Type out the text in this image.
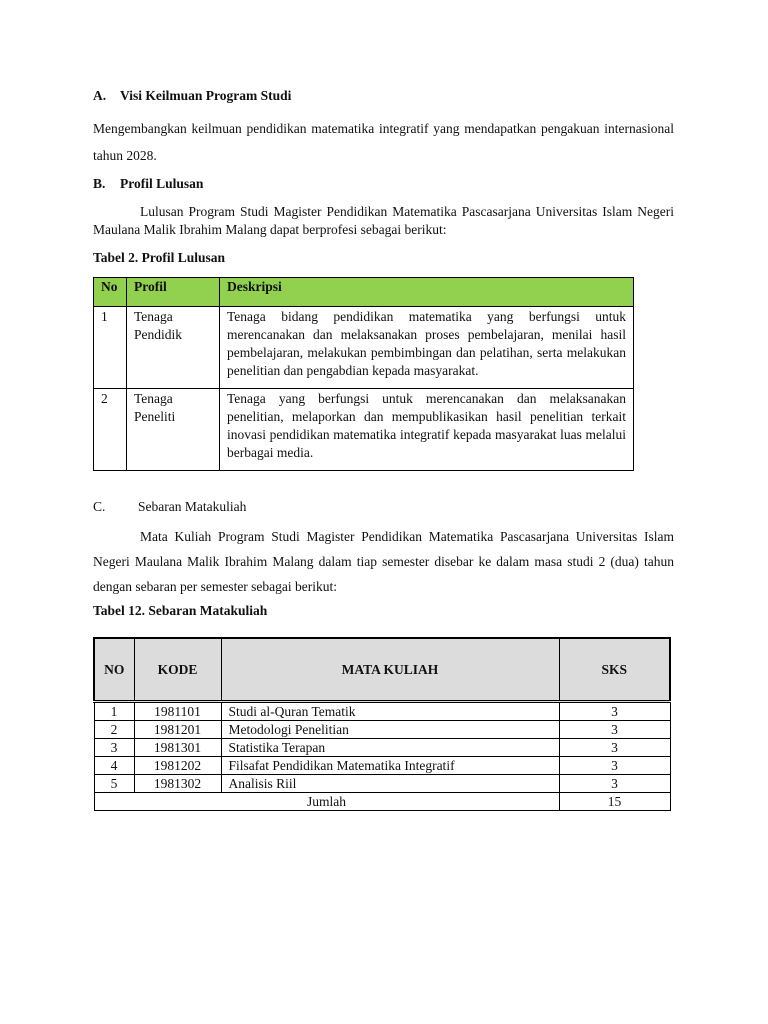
A. Visi Keilmuan Program Studi
Mengembangkan keilmuan pendidikan matematika integratif yang mendapatkan pengakuan internasional tahun 2028.
B. Profil Lulusan
Lulusan Program Studi Magister Pendidikan Matematika Pascasarjana Universitas Islam Negeri Maulana Malik Ibrahim Malang dapat berprofesi sebagai berikut:
Tabel 2. Profil Lulusan
No	Profil	Deskripsi
1	Tenaga Pendidik	Tenaga bidang pendidikan matematika yang berfungsi untuk merencanakan dan melaksanakan proses pembelajaran, menilai hasil pembelajaran, melakukan pembimbingan dan pelatihan, serta melakukan penelitian dan pengabdian kepada masyarakat.
2	Tenaga Peneliti	Tenaga yang berfungsi untuk merencanakan dan melaksanakan penelitian, melaporkan dan mempublikasikan hasil penelitian terkait inovasi pendidikan matematika integratif kepada masyarakat luas melalui berbagai media.
C. Sebaran Matakuliah
Mata Kuliah Program Studi Magister Pendidikan Matematika Pascasarjana Universitas Islam Negeri Maulana Malik Ibrahim Malang dalam tiap semester disebar ke dalam masa studi 2 (dua) tahun dengan sebaran per semester sebagai berikut:
Tabel 12. Sebaran Matakuliah
NO	KODE	MATA KULIAH	SKS
1	1981101	Studi al-Quran Tematik	3
2	1981201	Metodologi Penelitian	3
3	1981301	Statistika Terapan	3
4	1981202	Filsafat Pendidikan Matematika Integratif	3
5	1981302	Analisis Riil	3
Jumlah			15
